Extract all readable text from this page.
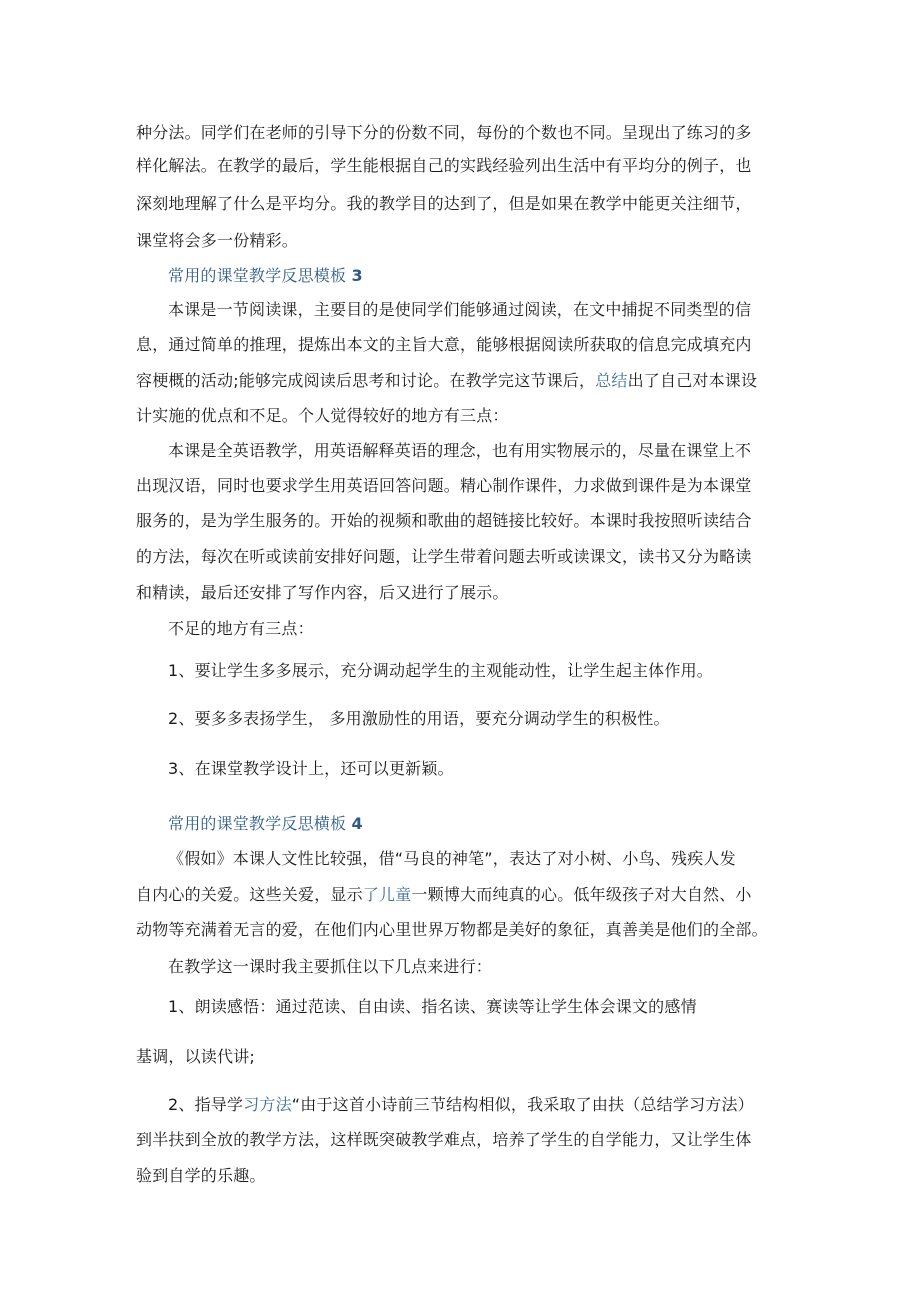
种分法。同学们在老师的引导下分的份数不同，每份的个数也不同。呈现出了练习的多
样化解法。在教学的最后，学生能根据自己的实践经验列出生活中有平均分的例子，也
深刻地理解了什么是平均分。我的教学目的达到了，但是如果在教学中能更关注细节，
课堂将会多一份精彩。
常用的课堂教学反思模板 3
本课是一节阅读课，主要目的是使同学们能够通过阅读，在文中捕捉不同类型的信
息，通过简单的推理，提炼出本文的主旨大意，能够根据阅读所获取的信息完成填充内
容梗概的活动;能够完成阅读后思考和讨论。在教学完这节课后，总结出了自己对本课设
计实施的优点和不足。个人觉得较好的地方有三点：
本课是全英语教学，用英语解释英语的理念，也有用实物展示的，尽量在课堂上不
出现汉语，同时也要求学生用英语回答问题。精心制作课件，力求做到课件是为本课堂
服务的，是为学生服务的。开始的视频和歌曲的超链接比较好。本课时我按照听读结合
的方法，每次在听或读前安排好问题，让学生带着问题去听或读课文，读书又分为略读
和精读，最后还安排了写作内容，后又进行了展示。
不足的地方有三点：
1、要让学生多多展示，充分调动起学生的主观能动性，让学生起主体作用。
2、要多多表扬学生， 多用激励性的用语，要充分调动学生的积极性。
3、在课堂教学设计上，还可以更新颖。
常用的课堂教学反思横板 4
《假如》本课人文性比较强，借“马良的神笔”，表达了对小树、小鸟、残疾人发
自内心的关爱。这些关爱，显示了儿童一颗博大而纯真的心。低年级孩子对大自然、小
动物等充满着无言的爱，在他们内心里世界万物都是美好的象征，真善美是他们的全部。
在教学这一课时我主要抓住以下几点来进行：
1、朗读感悟：通过范读、自由读、指名读、赛读等让学生体会课文的感情
基调，以读代讲;
2、指导学习方法“由于这首小诗前三节结构相似，我采取了由扶（总结学习方法）
到半扶到全放的教学方法，这样既突破教学难点，培养了学生的自学能力，又让学生体
验到自学的乐趣。
